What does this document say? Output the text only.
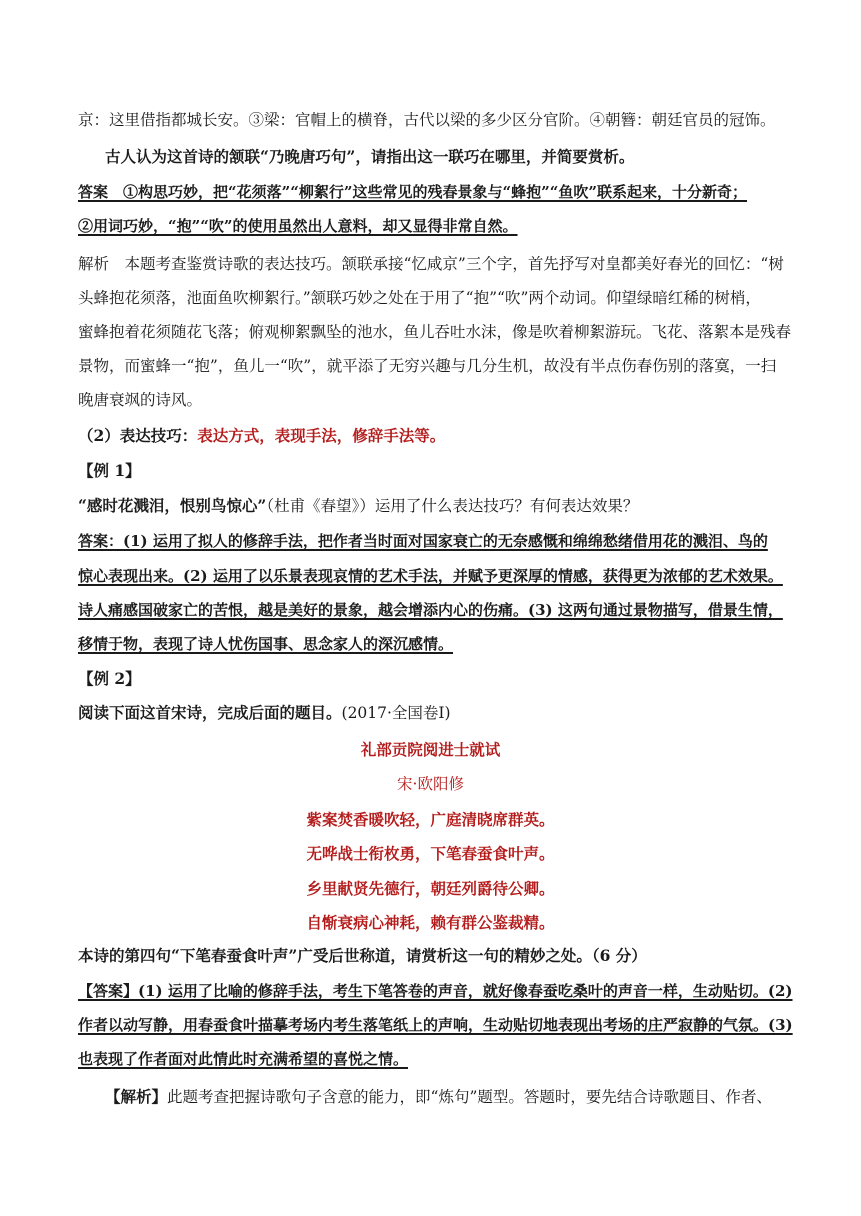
京：这里借指都城长安。③梁：官帽上的横脊，古代以梁的多少区分官阶。④朝簪：朝廷官员的冠饰。
古人认为这首诗的颔联“乃晚唐巧句”，请指出这一联巧在哪里，并简要赏析。
答案　①构思巧妙，把“花须落”“柳絮行”这些常见的残春景象与“蜂抱”“鱼吹”联系起来，十分新奇；
②用词巧妙，“抱”“吹”的使用虽然出人意料，却又显得非常自然。
解析　本题考查鉴赏诗歌的表达技巧。颔联承接“忆咸京”三个字，首先抒写对皇都美好春光的回忆：“树
头蜂抱花须落，池面鱼吹柳絮行。”颔联巧妙之处在于用了“抱”“吹”两个动词。仰望绿暗红稀的树梢，
蜜蜂抱着花须随花飞落；俯观柳絮飘坠的池水，鱼儿吞吐水沫，像是吹着柳絮游玩。飞花、落絮本是残春
景物，而蜜蜂一“抱”，鱼儿一“吹”，就平添了无穷兴趣与几分生机，故没有半点伤春伤别的落寞，一扫
晚唐衰飒的诗风。
（2）表达技巧：表达方式，表现手法，修辞手法等。
【例 1】
“感时花溅泪，恨别鸟惊心”（杜甫《春望》）运用了什么表达技巧？有何表达效果？
答案：(1) 运用了拟人的修辞手法，把作者当时面对国家衰亡的无奈感慨和绵绵愁绪借用花的溅泪、鸟的
惊心表现出来。(2) 运用了以乐景表现哀情的艺术手法，并赋予更深厚的情感，获得更为浓郁的艺术效果。
诗人痛感国破家亡的苦恨，越是美好的景象，越会增添内心的伤痛。(3) 这两句通过景物描写，借景生情，
移情于物，表现了诗人忧伤国事、思念家人的深沉感情。
【例 2】
阅读下面这首宋诗，完成后面的题目。(2017·全国卷Ⅰ)
礼部贡院阅进士就试
宋·欧阳修
紫案焚香暖吹轻，广庭清晓席群英。
无哗战士衔枚勇，下笔春蚕食叶声。
乡里献贤先德行，朝廷列爵待公卿。
自惭衰病心神耗，赖有群公鉴裁精。
本诗的第四句“下笔春蚕食叶声”广受后世称道，请赏析这一句的精妙之处。（6 分）
【答案】(1) 运用了比喻的修辞手法，考生下笔答卷的声音，就好像春蚕吃桑叶的声音一样，生动贴切。(2)
作者以动写静，用春蚕食叶描摹考场内考生落笔纸上的声响，生动贴切地表现出考场的庄严寂静的气氛。(3)
也表现了作者面对此情此时充满希望的喜悦之情。
【解析】此题考查把握诗歌句子含意的能力，即“炼句”题型。答题时，要先结合诗歌题目、作者、
